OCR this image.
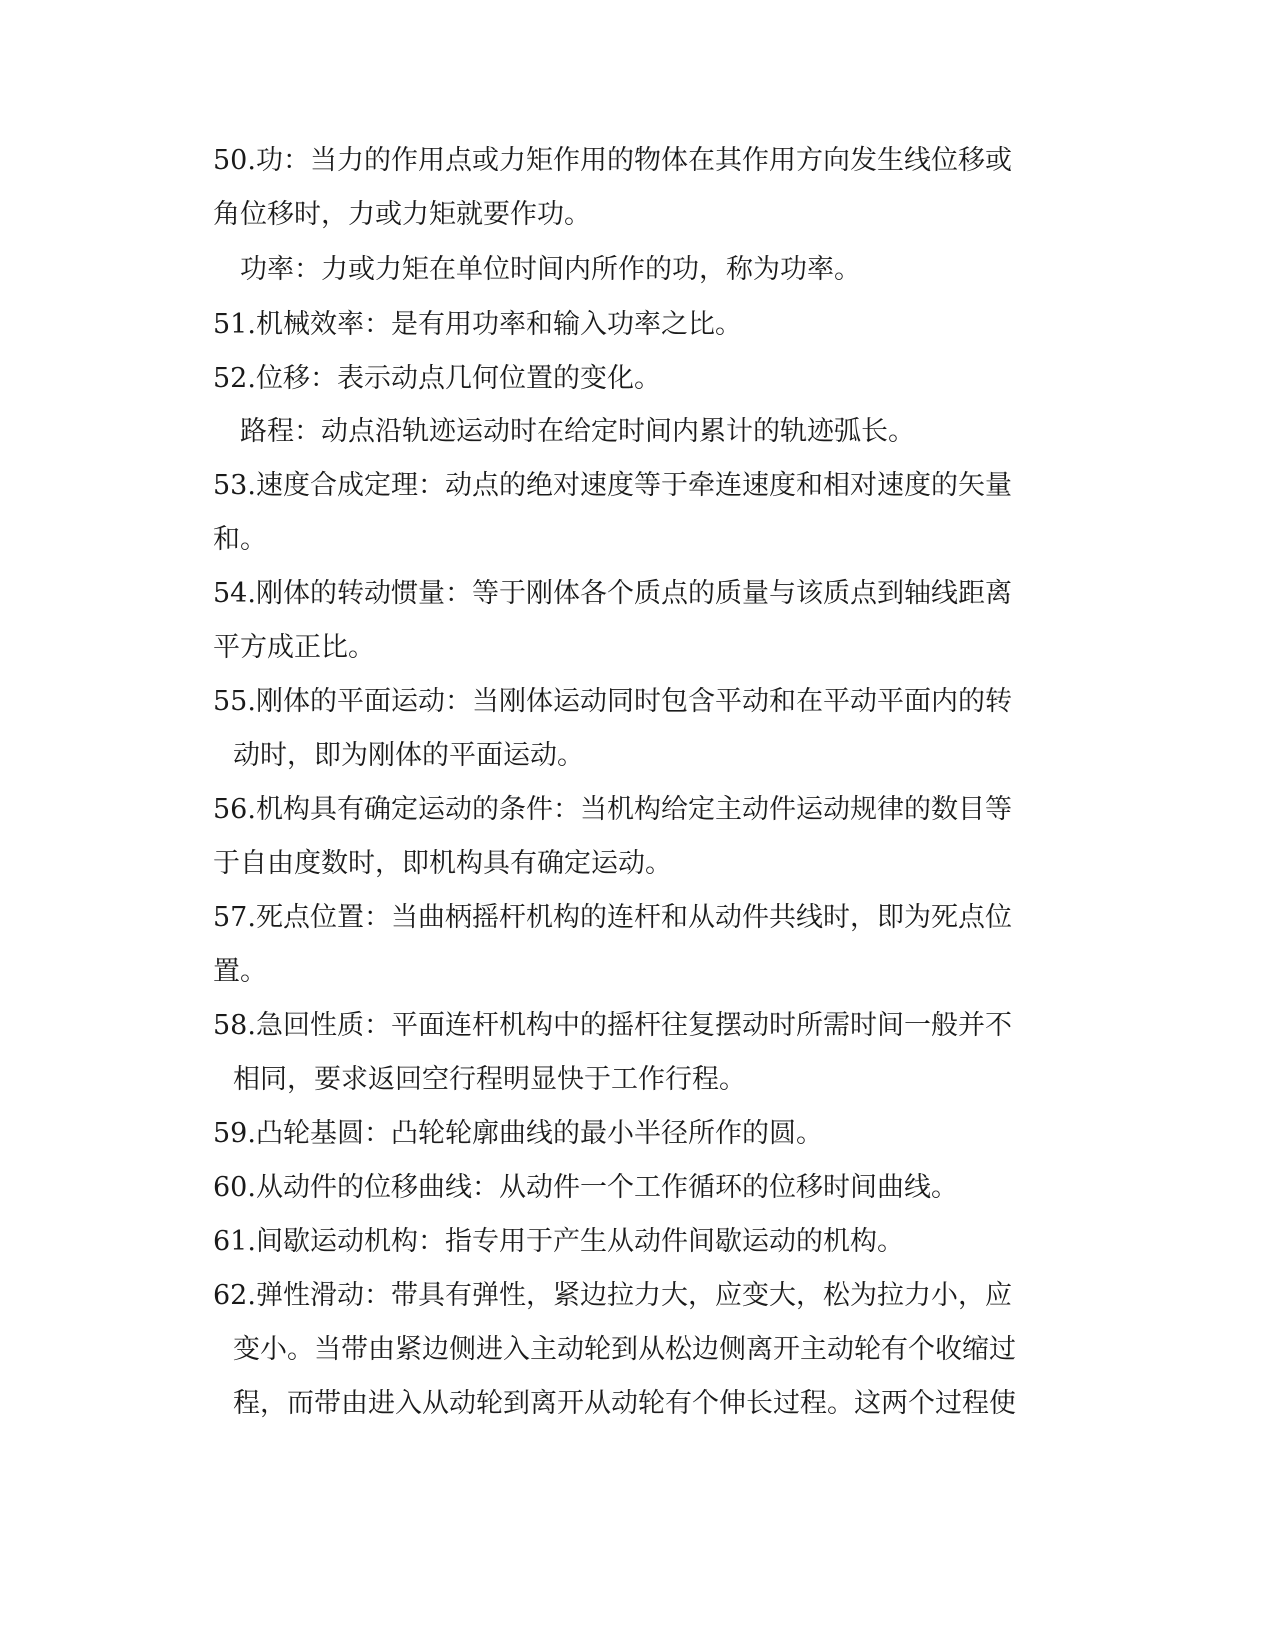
50.功：当力的作用点或力矩作用的物体在其作用方向发生线位移或

角位移时，力或力矩就要作功。

功率：力或力矩在单位时间内所作的功，称为功率。

51.机械效率：是有用功率和输入功率之比。

52.位移：表示动点几何位置的变化。

路程：动点沿轨迹运动时在给定时间内累计的轨迹弧长。

53.速度合成定理：动点的绝对速度等于牵连速度和相对速度的矢量

和。

54.刚体的转动惯量：等于刚体各个质点的质量与该质点到轴线距离

平方成正比。

55.刚体的平面运动：当刚体运动同时包含平动和在平动平面内的转

动时，即为刚体的平面运动。

56.机构具有确定运动的条件：当机构给定主动件运动规律的数目等

于自由度数时，即机构具有确定运动。

57.死点位置：当曲柄摇杆机构的连杆和从动件共线时，即为死点位

置。

58.急回性质：平面连杆机构中的摇杆往复摆动时所需时间一般并不

相同，要求返回空行程明显快于工作行程。

59.凸轮基圆：凸轮轮廓曲线的最小半径所作的圆。

60.从动件的位移曲线：从动件一个工作循环的位移时间曲线。

61.间歇运动机构：指专用于产生从动件间歇运动的机构。

62.弹性滑动：带具有弹性，紧边拉力大，应变大，松为拉力小，应

变小。当带由紧边侧进入主动轮到从松边侧离开主动轮有个收缩过

程，而带由进入从动轮到离开从动轮有个伸长过程。这两个过程使
